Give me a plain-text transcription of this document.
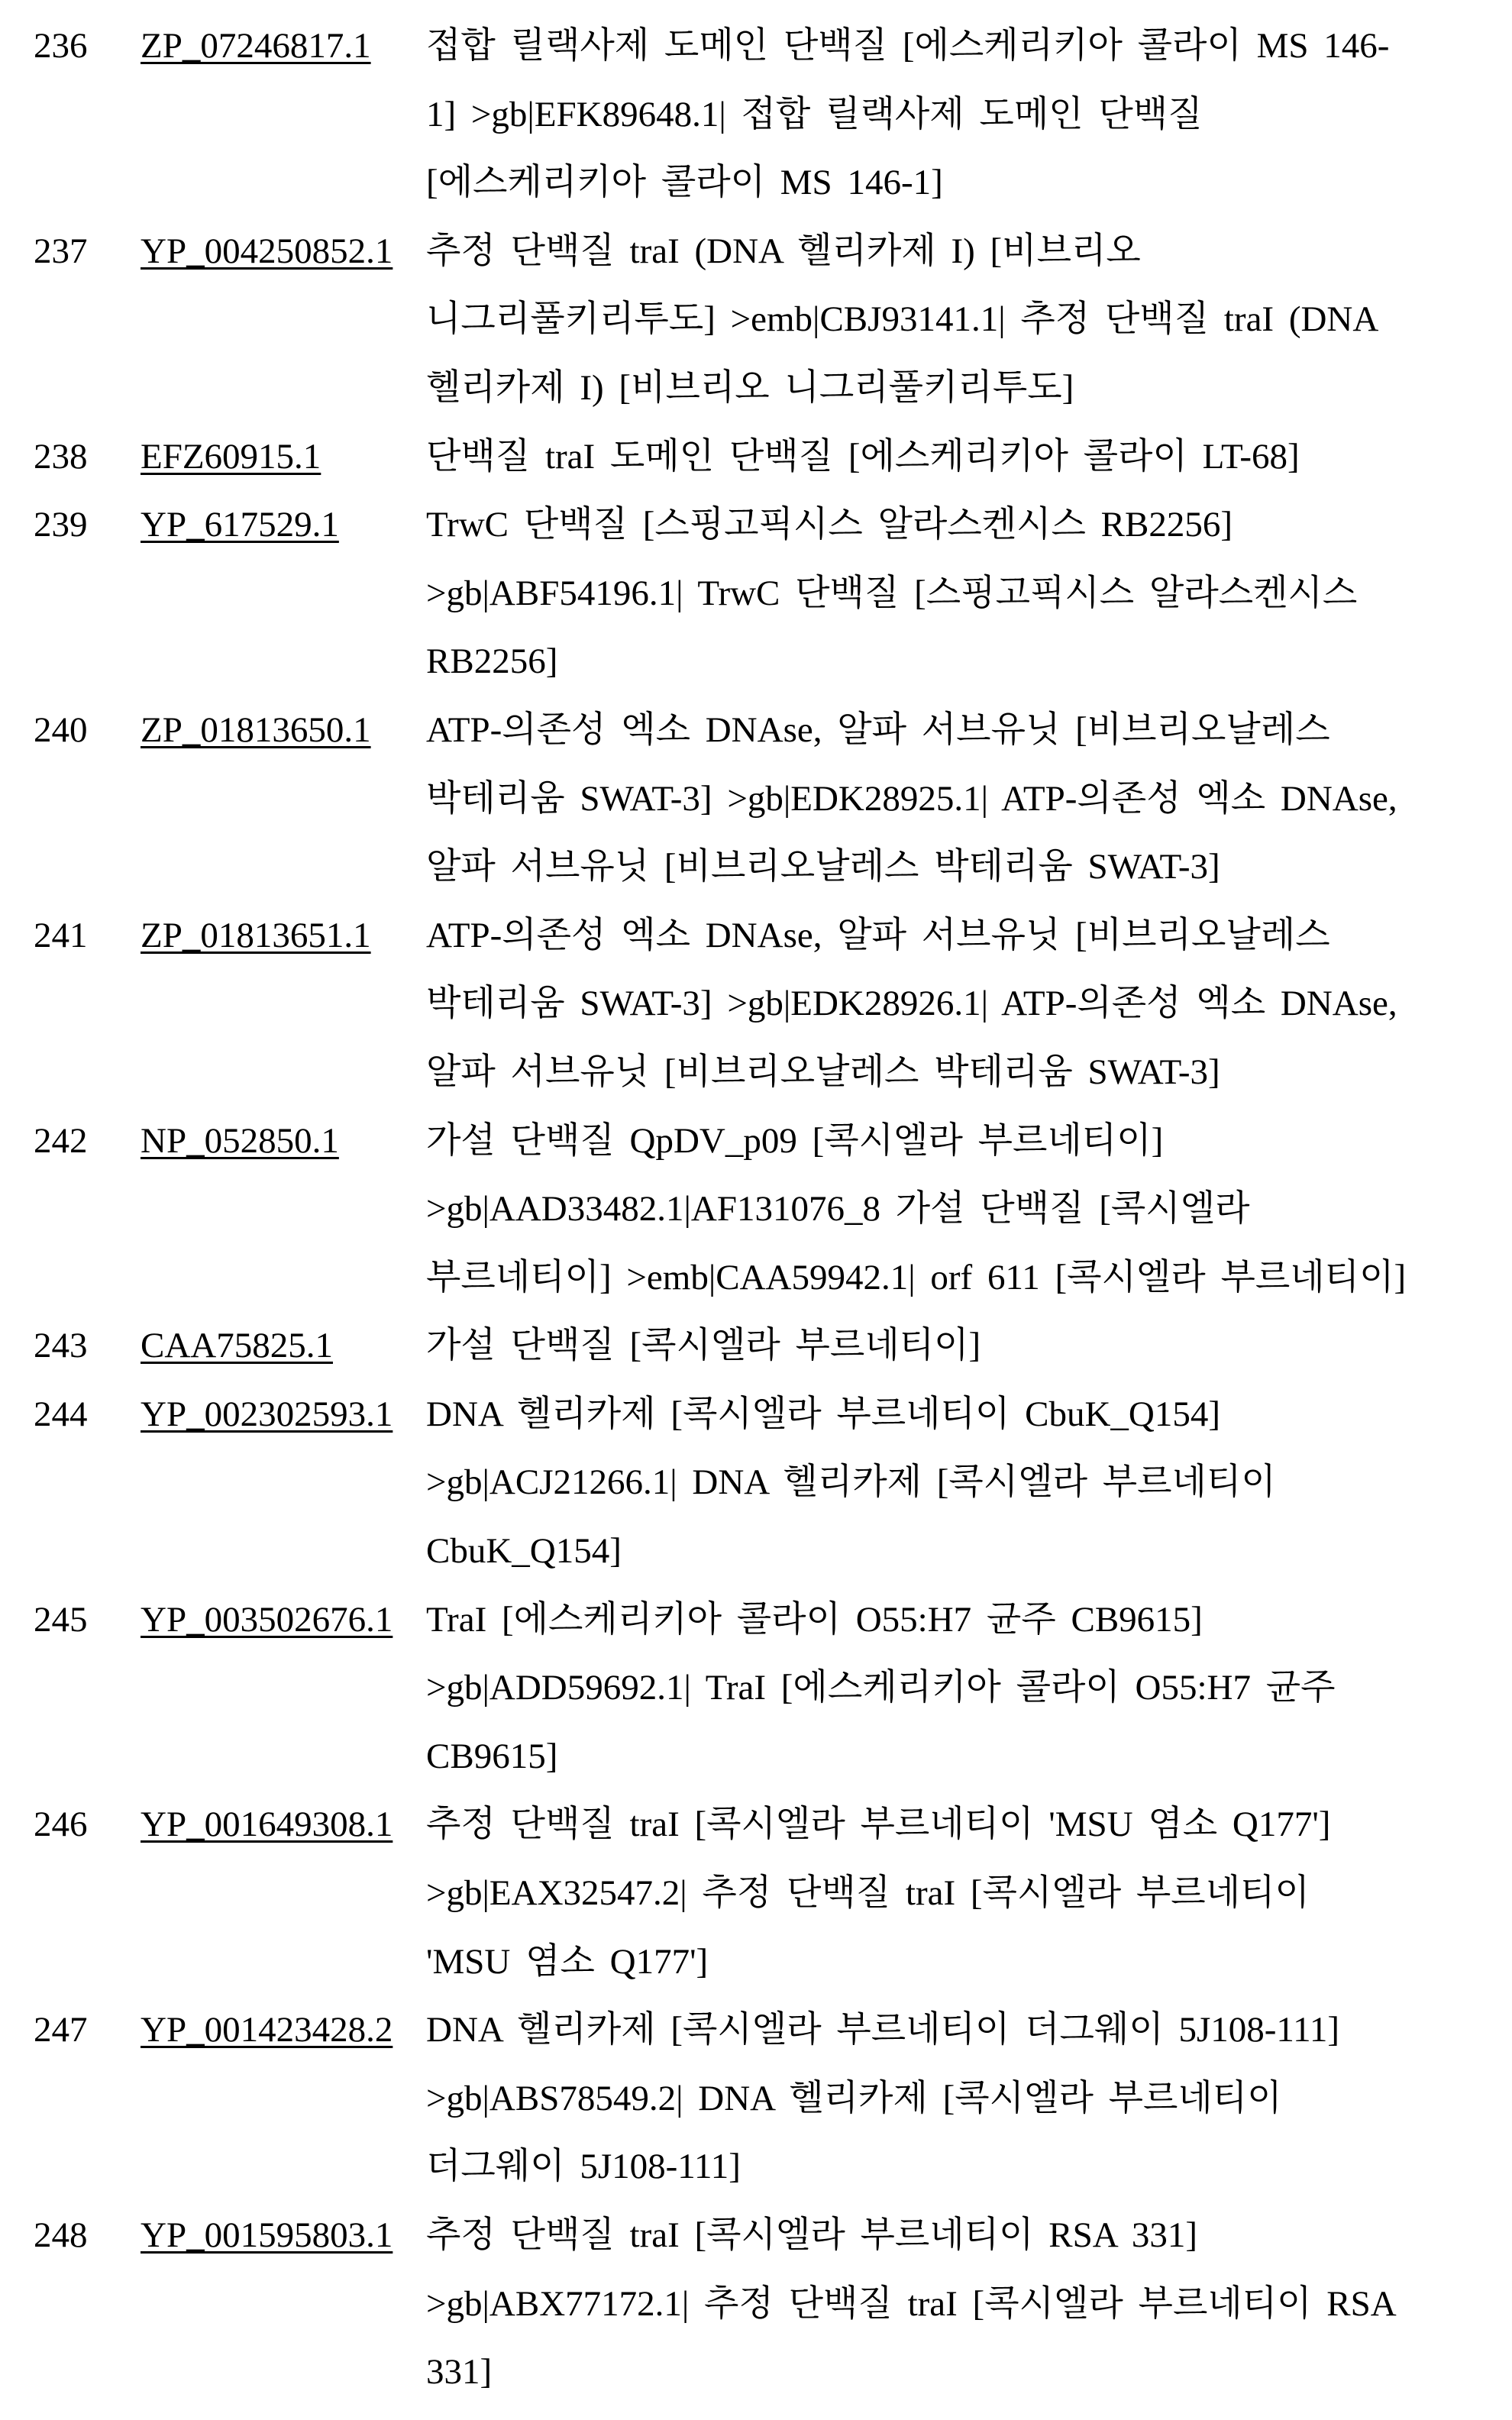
236	ZP_07246817.1	접합 릴랙사제 도메인 단백질 [에스케리키아 콜라이 MS 146-
1] >gb|EFK89648.1| 접합 릴랙사제 도메인 단백질
[에스케리키아 콜라이 MS 146-1]
237	YP_004250852.1 추정 단백질 traI (DNA 헬리카제 I) [비브리오
니그리풀키리투도] >emb|CBJ93141.1| 추정 단백질 traI (DNA
헬리카제 I) [비브리오 니그리풀키리투도]
238	EFZ60915.1	단백질 traI 도메인 단백질 [에스케리키아 콜라이 LT-68]
239	YP_617529.1	TrwC 단백질 [스핑고픽시스 알라스켄시스 RB2256]
>gb|ABF54196.1| TrwC 단백질 [스핑고픽시스 알라스켄시스
RB2256]
240	ZP_01813650.1	ATP-의존성 엑소 DNAse, 알파 서브유닛 [비브리오날레스
박테리움 SWAT-3] >gb|EDK28925.1| ATP-의존성 엑소 DNAse,
알파 서브유닛 [비브리오날레스 박테리움 SWAT-3]
241	ZP_01813651.1	ATP-의존성 엑소 DNAse, 알파 서브유닛 [비브리오날레스
박테리움 SWAT-3] >gb|EDK28926.1| ATP-의존성 엑소 DNAse,
알파 서브유닛 [비브리오날레스 박테리움 SWAT-3]
242	NP_052850.1	가설 단백질 QpDV_p09 [콕시엘라 부르네티이]
>gb|AAD33482.1|AF131076_8 가설 단백질 [콕시엘라
부르네티이] >emb|CAA59942.1| orf 611 [콕시엘라 부르네티이]
243	CAA75825.1	가설 단백질 [콕시엘라 부르네티이]
244	YP_002302593.1 DNA 헬리카제 [콕시엘라 부르네티이 CbuK_Q154]
>gb|ACJ21266.1| DNA 헬리카제 [콕시엘라 부르네티이
CbuK_Q154]
245	YP_003502676.1 TraI [에스케리키아 콜라이 O55:H7 균주 CB9615]
>gb|ADD59692.1| TraI [에스케리키아 콜라이 O55:H7 균주
CB9615]
246	YP_001649308.1 추정 단백질 traI [콕시엘라 부르네티이 'MSU 염소 Q177']
>gb|EAX32547.2| 추정 단백질 traI [콕시엘라 부르네티이
'MSU 염소 Q177']
247	YP_001423428.2 DNA 헬리카제 [콕시엘라 부르네티이 더그웨이 5J108-111]
>gb|ABS78549.2| DNA 헬리카제 [콕시엘라 부르네티이
더그웨이 5J108-111]
248	YP_001595803.1 추정 단백질 traI [콕시엘라 부르네티이 RSA 331]
>gb|ABX77172.1| 추정 단백질 traI [콕시엘라 부르네티이 RSA
331]
